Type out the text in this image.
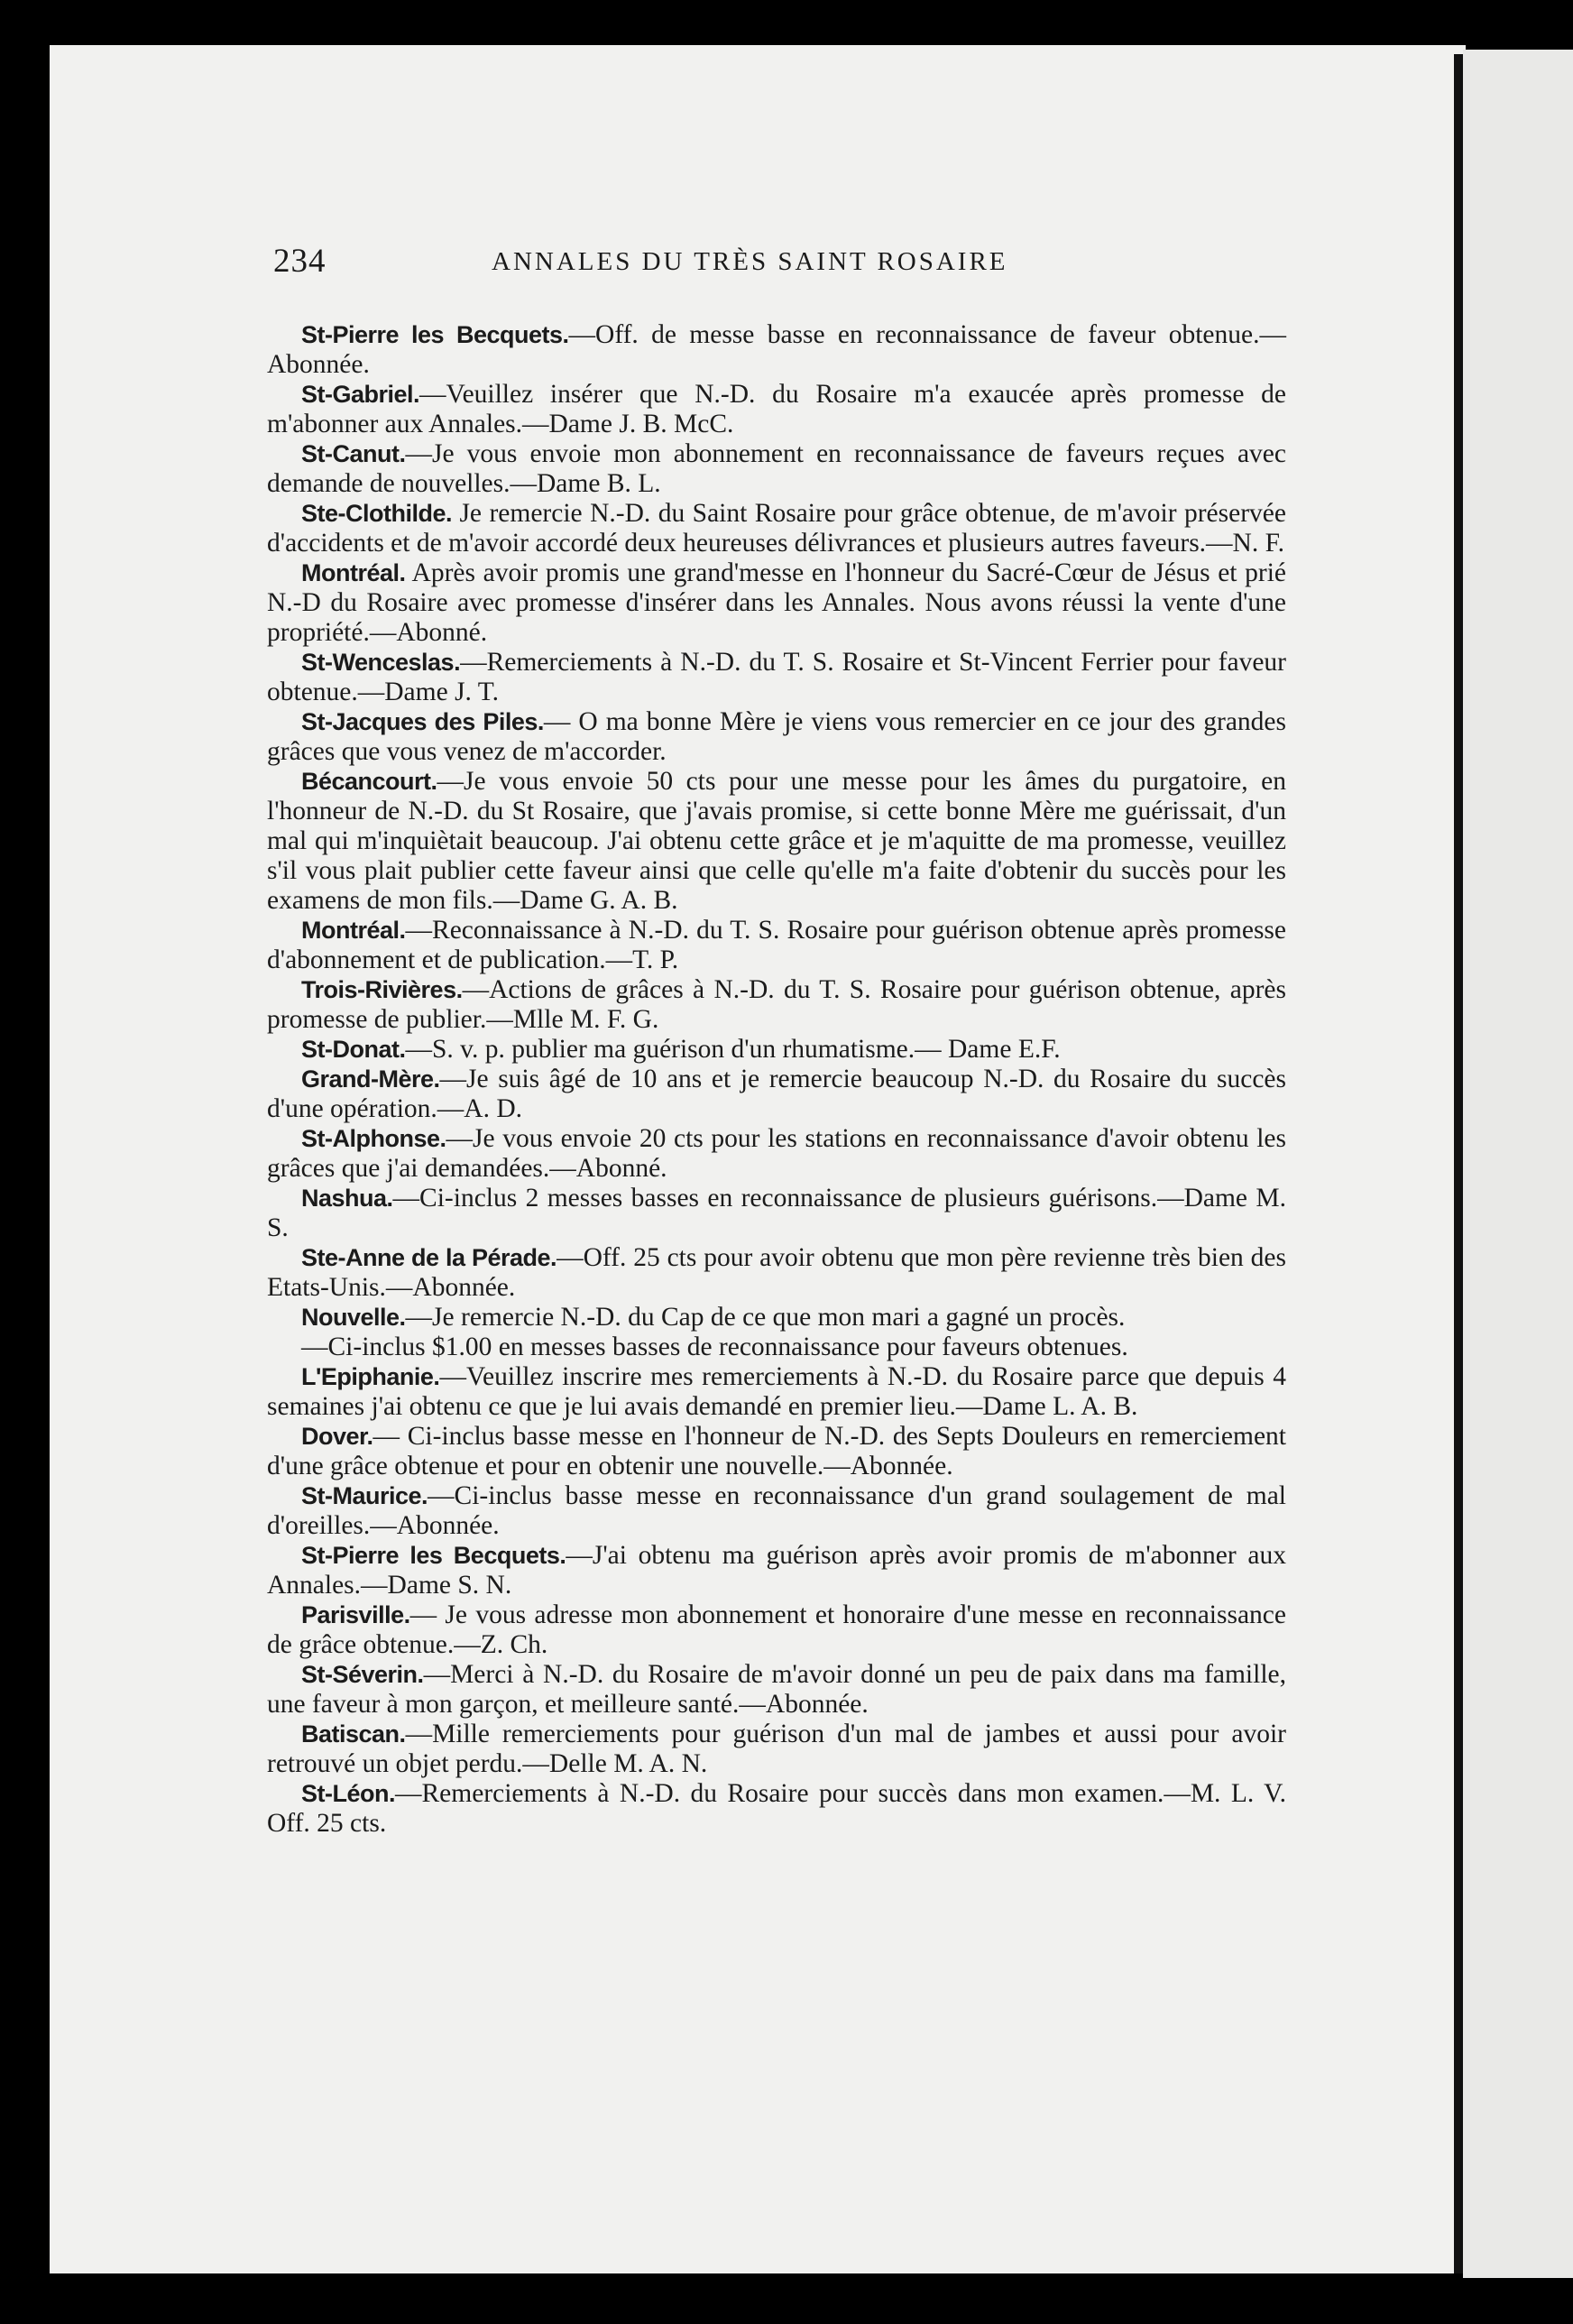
234	ANNALES DU TRÈS SAINT ROSAIRE

St-Pierre les Becquets.—Off. de messe basse en reconnaissance de faveur obtenue.—Abonnée.

St-Gabriel.—Veuillez insérer que N.-D. du Rosaire m'a exaucée après promesse de m'abonner aux Annales.—Dame J. B. McC.

St-Canut.—Je vous envoie mon abonnement en reconnaissance de faveurs reçues avec demande de nouvelles.—Dame B. L.

Ste-Clothilde. Je remercie N.-D. du Saint Rosaire pour grâce obtenue, de m'avoir préservée d'accidents et de m'avoir accordé deux heureuses délivrances et plusieurs autres faveurs.—N. F.

Montréal. Après avoir promis une grand'messe en l'honneur du Sacré-Cœur de Jésus et prié N.-D du Rosaire avec promesse d'insérer dans les Annales. Nous avons réussi la vente d'une propriété.—Abonné.

St-Wenceslas.—Remerciements à N.-D. du T. S. Rosaire et St-Vincent Ferrier pour faveur obtenue.—Dame J. T.

St-Jacques des Piles.— O ma bonne Mère je viens vous remercier en ce jour des grandes grâces que vous venez de m'accorder.

Bécancourt.—Je vous envoie 50 cts pour une messe pour les âmes du purgatoire, en l'honneur de N.-D. du St Rosaire, que j'avais promise, si cette bonne Mère me guérissait, d'un mal qui m'inquiètait beaucoup. J'ai obtenu cette grâce et je m'aquitte de ma promesse, veuillez s'il vous plait publier cette faveur ainsi que celle qu'elle m'a faite d'obtenir du succès pour les examens de mon fils.—Dame G. A. B.

Montréal.—Reconnaissance à N.-D. du T. S. Rosaire pour guérison obtenue après promesse d'abonnement et de publication.—T. P.

Trois-Rivières.—Actions de grâces à N.-D. du T. S. Rosaire pour guérison obtenue, après promesse de publier.—Mlle M. F. G.

St-Donat.—S. v. p. publier ma guérison d'un rhumatisme.— Dame E.F.

Grand-Mère.—Je suis âgé de 10 ans et je remercie beaucoup N.-D. du Rosaire du succès d'une opération.—A. D.

St-Alphonse.—Je vous envoie 20 cts pour les stations en reconnaissance d'avoir obtenu les grâces que j'ai demandées.—Abonné.

Nashua.—Ci-inclus 2 messes basses en reconnaissance de plusieurs guérisons.—Dame M. S.

Ste-Anne de la Pérade.—Off. 25 cts pour avoir obtenu que mon père revienne très bien des Etats-Unis.—Abonnée.

Nouvelle.—Je remercie N.-D. du Cap de ce que mon mari a gagné un procès.

—Ci-inclus $1.00 en messes basses de reconnaissance pour faveurs obtenues.

L'Epiphanie.—Veuillez inscrire mes remerciements à N.-D. du Rosaire parce que depuis 4 semaines j'ai obtenu ce que je lui avais demandé en premier lieu.—Dame L. A. B.

Dover.— Ci-inclus basse messe en l'honneur de N.-D. des Septs Douleurs en remerciement d'une grâce obtenue et pour en obtenir une nouvelle.—Abonnée.

St-Maurice.—Ci-inclus basse messe en reconnaissance d'un grand soulagement de mal d'oreilles.—Abonnée.

St-Pierre les Becquets.—J'ai obtenu ma guérison après avoir promis de m'abonner aux Annales.—Dame S. N.

Parisville.— Je vous adresse mon abonnement et honoraire d'une messe en reconnaissance de grâce obtenue.—Z. Ch.

St-Séverin.—Merci à N.-D. du Rosaire de m'avoir donné un peu de paix dans ma famille, une faveur à mon garçon, et meilleure santé.—Abonnée.

Batiscan.—Mille remerciements pour guérison d'un mal de jambes et aussi pour avoir retrouvé un objet perdu.—Delle M. A. N.

St-Léon.—Remerciements à N.-D. du Rosaire pour succès dans mon examen.—M. L. V. Off. 25 cts.
